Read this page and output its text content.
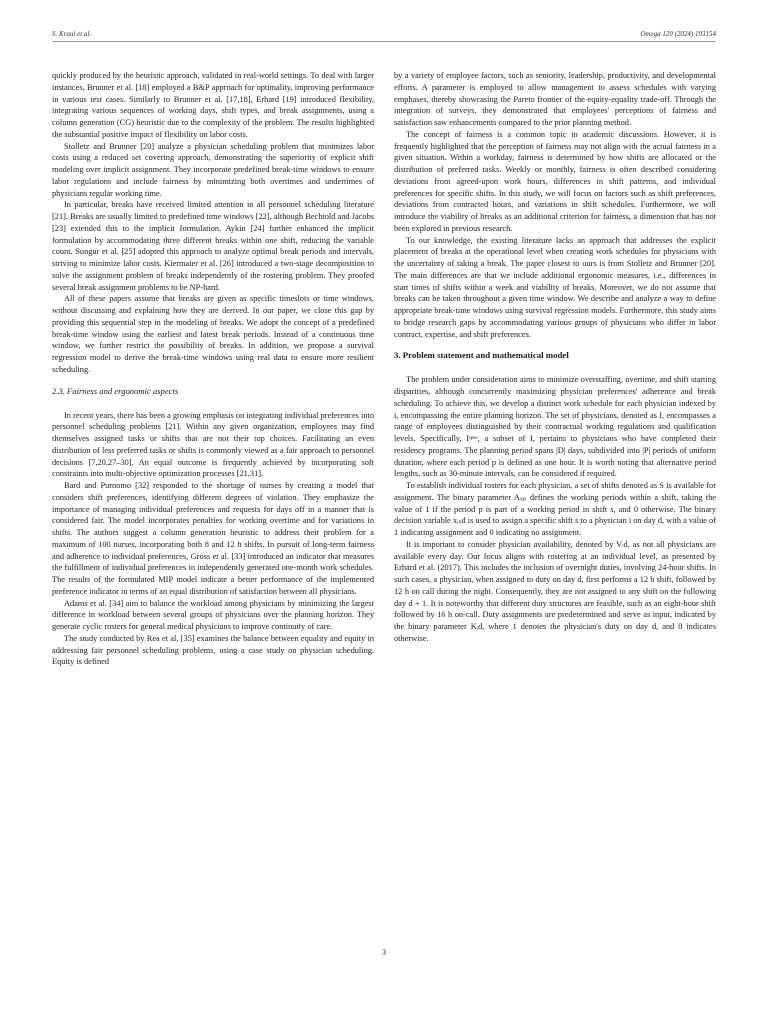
S. Kraul et al.	Omega 129 (2024) 103154

quickly produced by the heuristic approach, validated in real-world settings. To deal with larger instances, Brunner et al. [18] employed a B&P approach for optimality, improving performance in various test cases. Similarly to Brunner et al. [17,18], Erhard [19] introduced flexibility, integrating various sequences of working days, shift types, and break assignments, using a column generation (CG) heuristic due to the complexity of the problem. The results highlighted the substantial positive impact of flexibility on labor costs.

Stolletz and Brunner [20] analyze a physician scheduling problem that minimizes labor costs using a reduced set covering approach, demonstrating the superiority of explicit shift modeling over implicit assignment. They incorporate predefined break-time windows to ensure labor regulations and include fairness by minimizing both overtimes and undertimes of physicians regular working time.

In particular, breaks have received limited attention in all personnel scheduling literature [21]. Breaks are usually limited to predefined time windows [22], although Bechtold and Jacobs [23] extended this to the implicit formulation. Aykin [24] further enhanced the implicit formulation by accommodating three different breaks within one shift, reducing the variable count. Sungur et al. [25] adopted this approach to analyze optimal break periods and intervals, striving to minimize labor costs. Kiermaier et al. [26] introduced a two-stage decomposition to solve the assignment problem of breaks independently of the rostering problem. They proofed several break assignment problems to be NP-hard.

All of these papers assume that breaks are given as specific timeslots or time windows, without discussing and explaining how they are derived. In our paper, we close this gap by providing this sequential step in the modeling of breaks. We adopt the concept of a predefined break-time window using the earliest and latest break periods. Instead of a continuous time window, we further restrict the possibility of breaks. In addition, we propose a survival regression model to derive the break-time windows using real data to ensure more resilient scheduling.

2.3. Fairness and ergonomic aspects

In recent years, there has been a growing emphasis on integrating individual preferences into personnel scheduling problems [21]. Within any given organization, employees may find themselves assigned tasks or shifts that are not their top choices. Facilitating an even distribution of less preferred tasks or shifts is commonly viewed as a fair approach to personnel decisions [7,20,27–30]. An equal outcome is frequently achieved by incorporating soft constraints into multi-objective optimization processes [21,31].

Bard and Purnomo [32] responded to the shortage of nurses by creating a model that considers shift preferences, identifying different degrees of violation. They emphasize the importance of managing individual preferences and requests for days off in a manner that is considered fair. The model incorporates penalties for working overtime and for variations in shifts. The authors suggest a column generation heuristic to address their problem for a maximum of 100 nurses, incorporating both 8 and 12 h shifts. In pursuit of long-term fairness and adherence to individual preferences, Gross et al. [33] introduced an indicator that measures the fulfillment of individual preferences in independently generated one-month work schedules. The results of the formulated MIP model indicate a better performance of the implemented preference indicator in terms of an equal distribution of satisfaction between all physicians.

Adams et al. [34] aim to balance the workload among physicians by minimizing the largest difference in workload between several groups of physicians over the planning horizon. They generate cyclic rosters for general medical physicians to improve continuity of care.

The study conducted by Rea et al. [35] examines the balance between equality and equity in addressing fair personnel scheduling problems, using a case study on physician scheduling. Equity is defined

by a variety of employee factors, such as seniority, leadership, productivity, and developmental efforts. A parameter is employed to allow management to assess schedules with varying emphases, thereby showcasing the Pareto frontier of the equity-equality trade-off. Through the integration of surveys, they demonstrated that employees' perceptions of fairness and satisfaction saw enhancements compared to the prior planning method.

The concept of fairness is a common topic in academic discussions. However, it is frequently highlighted that the perception of fairness may not align with the actual fairness in a given situation. Within a workday, fairness is determined by how shifts are allocated or the distribution of preferred tasks. Weekly or monthly, fairness is often described considering deviations from agreed-upon work hours, differences in shift patterns, and individual preferences for specific shifts. In this study, we will focus on factors such as shift preferences, deviations from contracted hours, and variations in shift schedules. Furthermore, we will introduce the viability of breaks as an additional criterion for fairness, a dimension that has not been explored in previous research.

To our knowledge, the existing literature lacks an approach that addresses the explicit placement of breaks at the operational level when creating work schedules for physicians with the uncertainty of taking a break. The paper closest to ours is from Stolletz and Brunner [20]. The main differences are that we include additional ergonomic measures, i.e., differences in start times of shifts within a week and viability of breaks. Moreover, we do not assume that breaks can be taken throughout a given time window. We describe and analyze a way to define appropriate break-time windows using survival regression models. Furthermore, this study aims to bridge research gaps by accommodating various groups of physicians who differ in labor contract, expertise, and shift preferences.

3. Problem statement and mathematical model

The problem under consideration aims to minimize overstaffing, overtime, and shift starting disparities, although concurrently maximizing physician preferences' adherence and break scheduling. To achieve this, we develop a distinct work schedule for each physician indexed by i, encompassing the entire planning horizon. The set of physicians, denoted as I, encompasses a range of employees distinguished by their contractual working regulations and qualification levels. Specifically, Iˢᵖᵉᶜ, a subset of I, pertains to physicians who have completed their residency programs. The planning period spans |D| days, subdivided into |P| periods of uniform duration, where each period p is defined as one hour. It is worth noting that alternative period lengths, such as 30-minute intervals, can be considered if required.

To establish individual rosters for each physician, a set of shifts denoted as S is available for assignment. The binary parameter Aₛₚ defines the working periods within a shift, taking the value of 1 if the period p is part of a working period in shift s, and 0 otherwise. The binary decision variable xᵢₛd is used to assign a specific shift s to a physician i on day d, with a value of 1 indicating assignment and 0 indicating no assignment.

It is important to consider physician availability, denoted by Vᵢd, as not all physicians are available every day. Our focus aligns with rostering at an individual level, as presented by Erhard et al. (2017). This includes the inclusion of overnight duties, involving 24-hour shifts. In such cases, a physician, when assigned to duty on day d, first performs a 12 h shift, followed by 12 h on call during the night. Consequently, they are not assigned to any shift on the following day d + 1. It is noteworthy that different duty structures are feasible, such as an eight-hour shift followed by 16 h on-call. Duty assignments are predetermined and serve as input, indicated by the binary parameter Kᵢd, where 1 denotes the physician's duty on day d, and 0 indicates otherwise.

3
